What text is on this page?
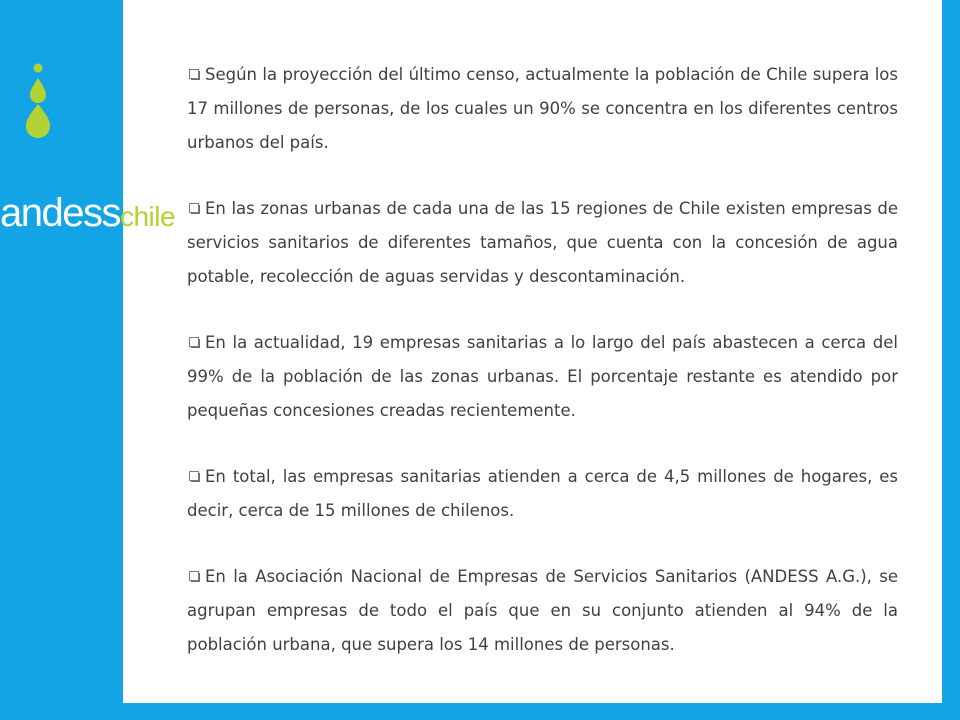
andesschile

Según la proyección del último censo, actualmente la población de Chile supera los 17 millones de personas, de los cuales un 90% se concentra en los diferentes centros urbanos del país.

En las zonas urbanas de cada una de las 15 regiones de Chile existen empresas de servicios sanitarios de diferentes tamaños, que cuenta con la concesión de agua potable, recolección de aguas servidas y descontaminación.

En la actualidad, 19 empresas sanitarias a lo largo del país abastecen a cerca del 99% de la población de las zonas urbanas. El porcentaje restante es atendido por pequeñas concesiones creadas recientemente.

En total, las empresas sanitarias atienden a cerca de 4,5 millones de hogares, es decir, cerca de 15 millones de chilenos.

En la Asociación Nacional de Empresas de Servicios Sanitarios (ANDESS A.G.), se agrupan empresas de todo el país que en su conjunto atienden al 94% de la población urbana, que supera los 14 millones de personas.
